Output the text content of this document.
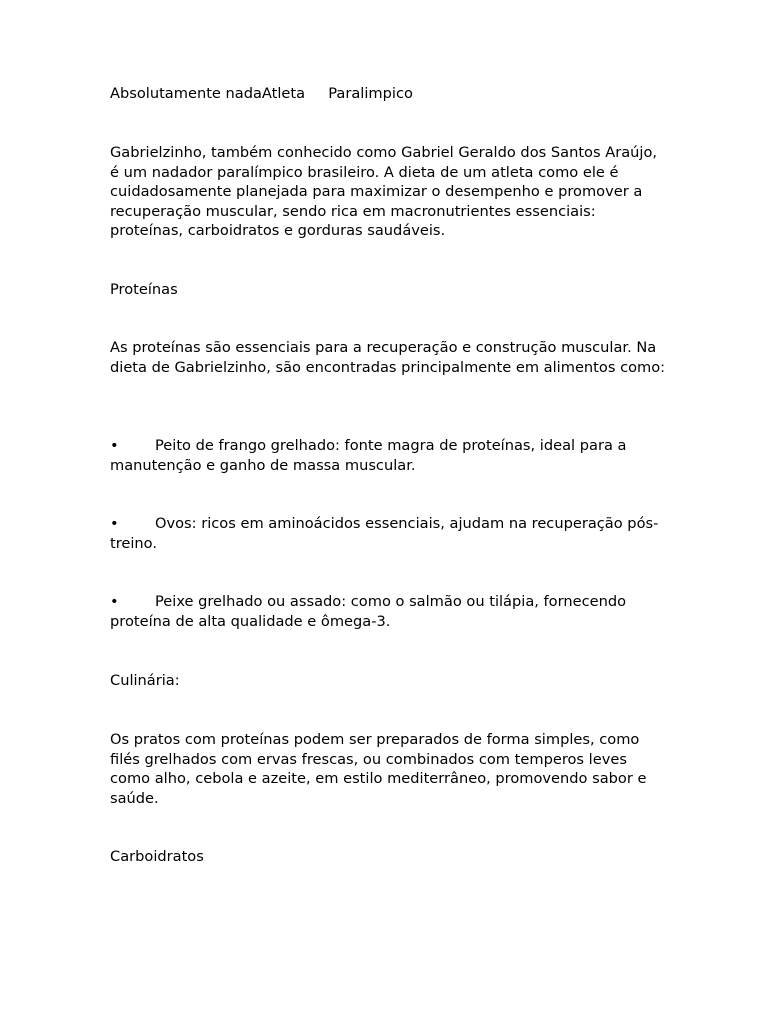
Absolutamente nadaAtleta     Paralimpico

Gabrielzinho, também conhecido como Gabriel Geraldo dos Santos Araújo, é um nadador paralímpico brasileiro. A dieta de um atleta como ele é cuidadosamente planejada para maximizar o desempenho e promover a recuperação muscular, sendo rica em macronutrientes essenciais: proteínas, carboidratos e gorduras saudáveis.

Proteínas

As proteínas são essenciais para a recuperação e construção muscular. Na dieta de Gabrielzinho, são encontradas principalmente em alimentos como:

• Peito de frango grelhado: fonte magra de proteínas, ideal para a manutenção e ganho de massa muscular.

• Ovos: ricos em aminoácidos essenciais, ajudam na recuperação pós-treino.

• Peixe grelhado ou assado: como o salmão ou tilápia, fornecendo proteína de alta qualidade e ômega-3.

Culinária:

Os pratos com proteínas podem ser preparados de forma simples, como filés grelhados com ervas frescas, ou combinados com temperos leves como alho, cebola e azeite, em estilo mediterrâneo, promovendo sabor e saúde.

Carboidratos
